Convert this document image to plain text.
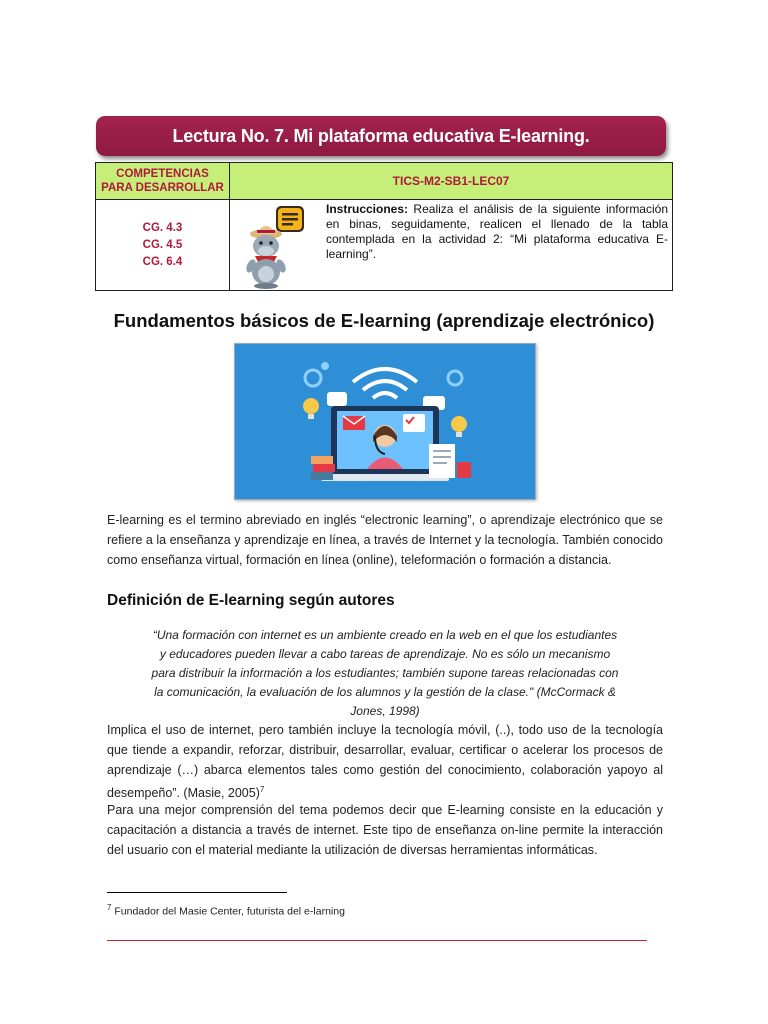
Lectura No. 7. Mi plataforma educativa E-learning.
COMPETENCIAS
PARA DESARROLLAR	TICS-M2-SB1-LEC07

CG. 4.3
CG. 4.5
CG. 6.4	Instrucciones: Realiza el análisis de la siguiente información en binas, seguidamente, realicen el llenado de la tabla contemplada en la actividad 2: “Mi plataforma educativa E-learning”.
Fundamentos básicos de E-learning (aprendizaje electrónico)

E-learning es el termino abreviado en inglés “electronic learning”, o aprendizaje electrónico que se refiere a la enseñanza y aprendizaje en línea, a través de Internet y la tecnología. También conocido como enseñanza virtual, formación en línea (online), teleformación o formación a distancia.

Definición de E-learning según autores

“Una formación con internet es un ambiente creado en la web en el que los estudiantes y educadores pueden llevar a cabo tareas de aprendizaje. No es sólo un mecanismo para distribuir la información a los estudiantes; también supone tareas relacionadas con la comunicación, la evaluación de los alumnos y la gestión de la clase." (McCormack & Jones, 1998)

Implica el uso de internet, pero también incluye la tecnología móvil, (..), todo uso de la tecnología que tiende a expandir, reforzar, distribuir, desarrollar, evaluar, certificar o acelerar los procesos de aprendizaje (…) abarca elementos tales como gestión del conocimiento, colaboración yapoyo al desempeño”. (Masie, 2005)$^7$

Para una mejor comprensión del tema podemos decir que E-learning consiste en la educación y capacitación a distancia a través de internet. Este tipo de enseñanza on-line permite la interacción del usuario con el material mediante la utilización de diversas herramientas informáticas.

$^7$ Fundador del Masie Center, futurista del e-larning
